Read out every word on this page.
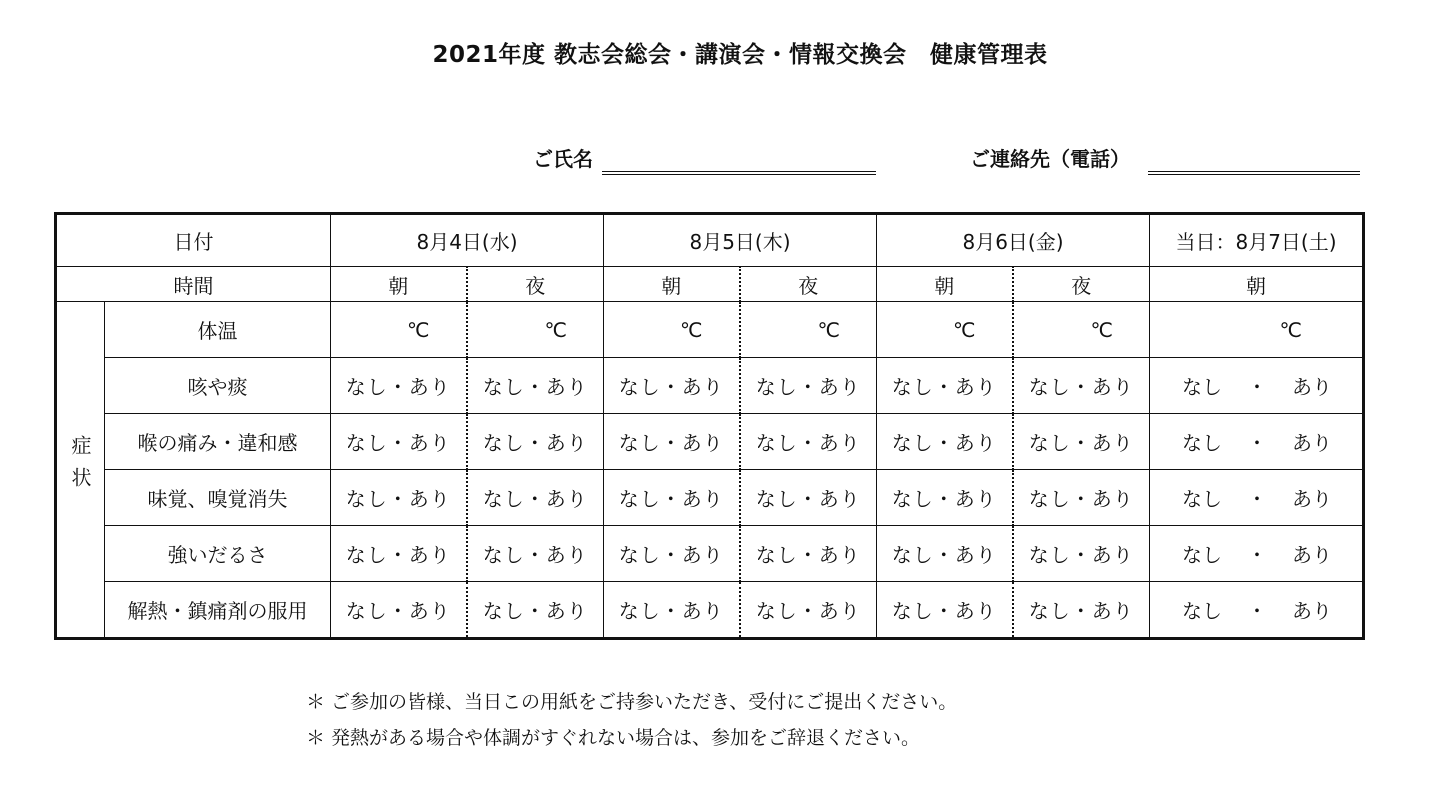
2021年度 教志会総会・講演会・情報交換会　健康管理表
ご氏名	ご連絡先（電話）
日付		8月4日(水)		8月5日(木)		8月6日(金)		当日：8月7日(土)
時間		朝	夜	朝	夜	朝	夜	朝
症状	体温	℃	℃	℃	℃	℃	℃	℃
	咳や痰	なし・あり	なし・あり	なし・あり	なし・あり	なし・あり	なし・あり	なし ・ あり

	喉の痛み・違和感	なし・あり	なし・あり	なし・あり	なし・あり	なし・あり	なし・あり	なし ・ あり

	味覚、嗅覚消失	なし・あり	なし・あり	なし・あり	なし・あり	なし・あり	なし・あり	なし ・ あり

	強いだるさ	なし・あり	なし・あり	なし・あり	なし・あり	なし・あり	なし・あり	なし ・ あり

	解熱・鎮痛剤の服用	なし・あり	なし・あり	なし・あり	なし・あり	なし・あり	なし・あり	なし ・ あり
＊ ご参加の皆様、当日この用紙をご持参いただき、受付にご提出ください。
＊ 発熱がある場合や体調がすぐれない場合は、参加をご辞退ください。
